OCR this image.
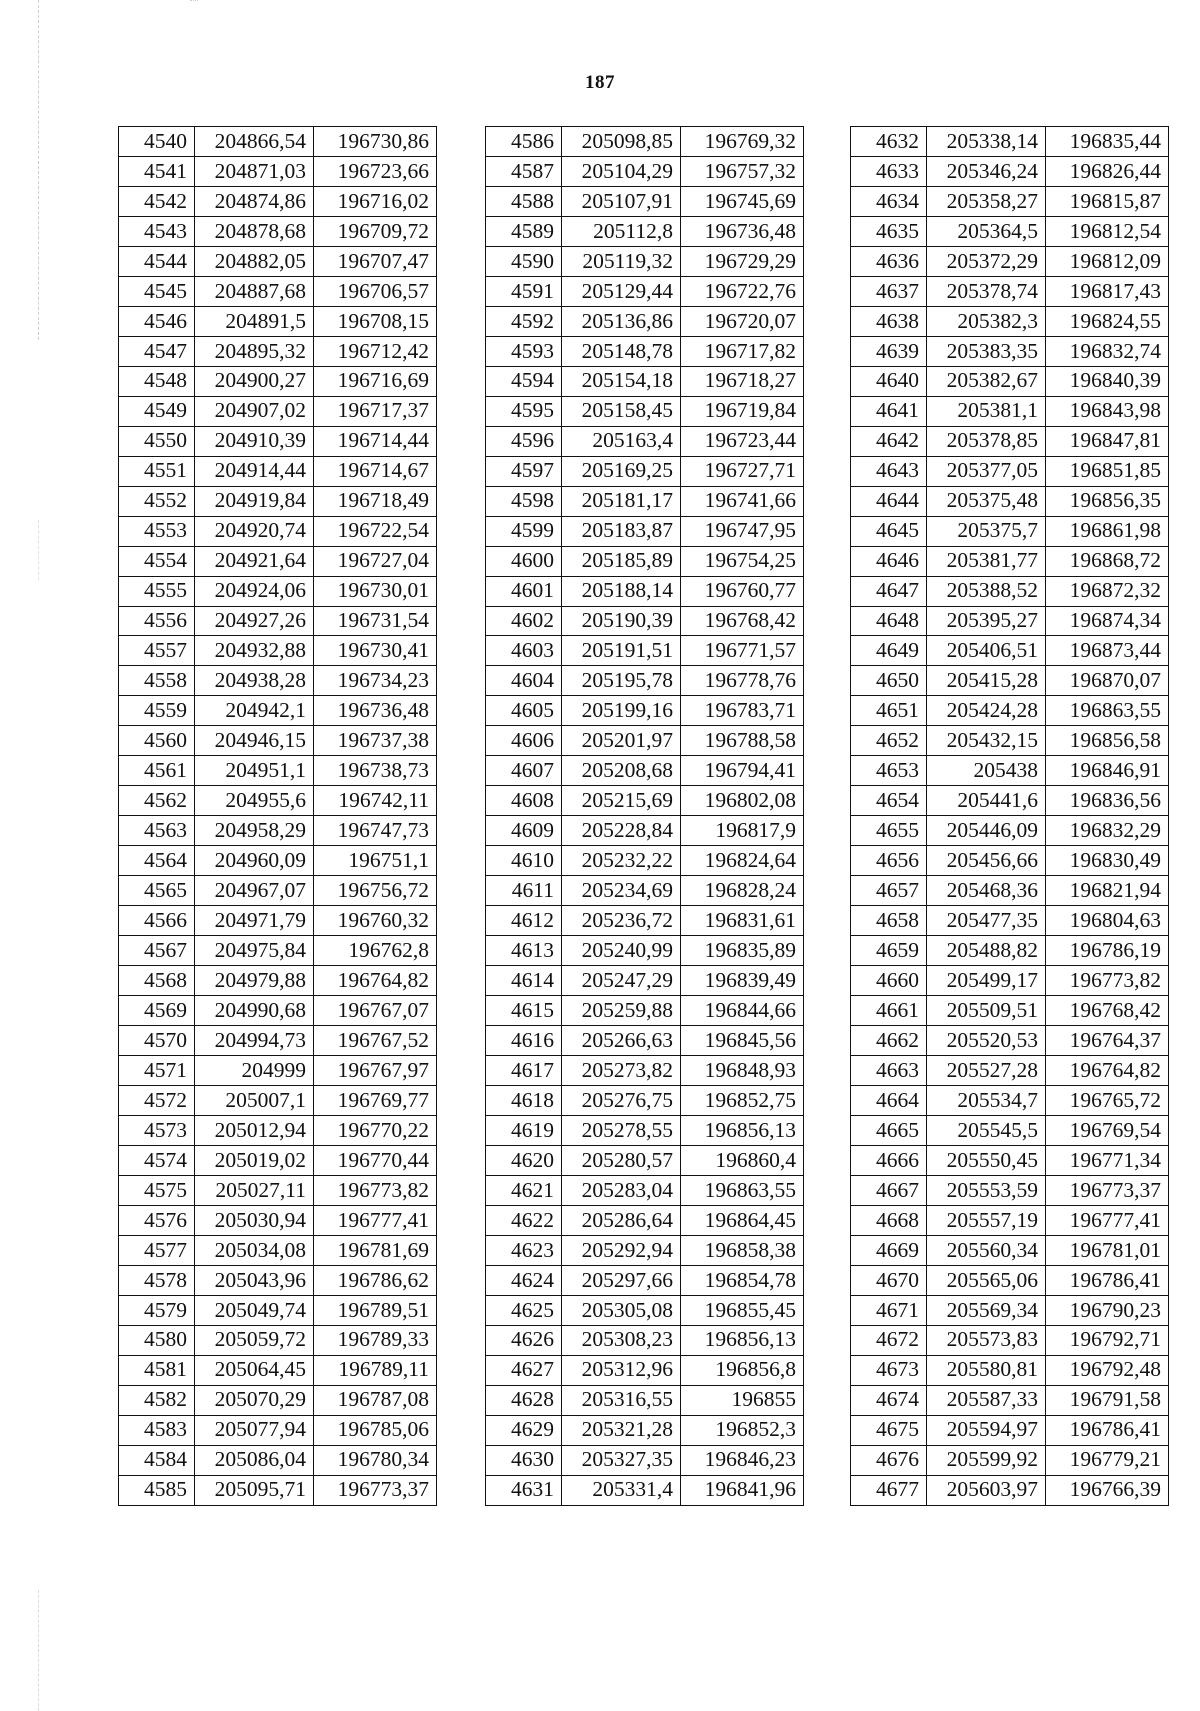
187
4540	204866,54	196730,86
4541	204871,03	196723,66
4542	204874,86	196716,02
4543	204878,68	196709,72
4544	204882,05	196707,47
4545	204887,68	196706,57
4546	204891,5	196708,15
4547	204895,32	196712,42
4548	204900,27	196716,69
4549	204907,02	196717,37
4550	204910,39	196714,44
4551	204914,44	196714,67
4552	204919,84	196718,49
4553	204920,74	196722,54
4554	204921,64	196727,04
4555	204924,06	196730,01
4556	204927,26	196731,54
4557	204932,88	196730,41
4558	204938,28	196734,23
4559	204942,1	196736,48
4560	204946,15	196737,38
4561	204951,1	196738,73
4562	204955,6	196742,11
4563	204958,29	196747,73
4564	204960,09	196751,1
4565	204967,07	196756,72
4566	204971,79	196760,32
4567	204975,84	196762,8
4568	204979,88	196764,82
4569	204990,68	196767,07
4570	204994,73	196767,52
4571	204999	196767,97
4572	205007,1	196769,77
4573	205012,94	196770,22
4574	205019,02	196770,44
4575	205027,11	196773,82
4576	205030,94	196777,41
4577	205034,08	196781,69
4578	205043,96	196786,62
4579	205049,74	196789,51
4580	205059,72	196789,33
4581	205064,45	196789,11
4582	205070,29	196787,08
4583	205077,94	196785,06
4584	205086,04	196780,34
4585	205095,71	196773,37
4586	205098,85	196769,32
4587	205104,29	196757,32
4588	205107,91	196745,69
4589	205112,8	196736,48
4590	205119,32	196729,29
4591	205129,44	196722,76
4592	205136,86	196720,07
4593	205148,78	196717,82
4594	205154,18	196718,27
4595	205158,45	196719,84
4596	205163,4	196723,44
4597	205169,25	196727,71
4598	205181,17	196741,66
4599	205183,87	196747,95
4600	205185,89	196754,25
4601	205188,14	196760,77
4602	205190,39	196768,42
4603	205191,51	196771,57
4604	205195,78	196778,76
4605	205199,16	196783,71
4606	205201,97	196788,58
4607	205208,68	196794,41
4608	205215,69	196802,08
4609	205228,84	196817,9
4610	205232,22	196824,64
4611	205234,69	196828,24
4612	205236,72	196831,61
4613	205240,99	196835,89
4614	205247,29	196839,49
4615	205259,88	196844,66
4616	205266,63	196845,56
4617	205273,82	196848,93
4618	205276,75	196852,75
4619	205278,55	196856,13
4620	205280,57	196860,4
4621	205283,04	196863,55
4622	205286,64	196864,45
4623	205292,94	196858,38
4624	205297,66	196854,78
4625	205305,08	196855,45
4626	205308,23	196856,13
4627	205312,96	196856,8
4628	205316,55	196855
4629	205321,28	196852,3
4630	205327,35	196846,23
4631	205331,4	196841,96
4632	205338,14	196835,44
4633	205346,24	196826,44
4634	205358,27	196815,87
4635	205364,5	196812,54
4636	205372,29	196812,09
4637	205378,74	196817,43
4638	205382,3	196824,55
4639	205383,35	196832,74
4640	205382,67	196840,39
4641	205381,1	196843,98
4642	205378,85	196847,81
4643	205377,05	196851,85
4644	205375,48	196856,35
4645	205375,7	196861,98
4646	205381,77	196868,72
4647	205388,52	196872,32
4648	205395,27	196874,34
4649	205406,51	196873,44
4650	205415,28	196870,07
4651	205424,28	196863,55
4652	205432,15	196856,58
4653	205438	196846,91
4654	205441,6	196836,56
4655	205446,09	196832,29
4656	205456,66	196830,49
4657	205468,36	196821,94
4658	205477,35	196804,63
4659	205488,82	196786,19
4660	205499,17	196773,82
4661	205509,51	196768,42
4662	205520,53	196764,37
4663	205527,28	196764,82
4664	205534,7	196765,72
4665	205545,5	196769,54
4666	205550,45	196771,34
4667	205553,59	196773,37
4668	205557,19	196777,41
4669	205560,34	196781,01
4670	205565,06	196786,41
4671	205569,34	196790,23
4672	205573,83	196792,71
4673	205580,81	196792,48
4674	205587,33	196791,58
4675	205594,97	196786,41
4676	205599,92	196779,21
4677	205603,97	196766,39
